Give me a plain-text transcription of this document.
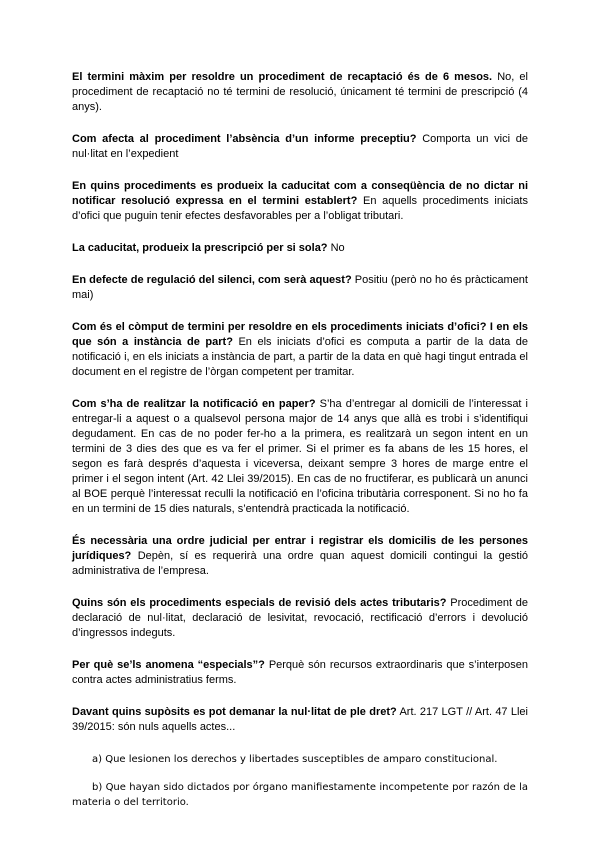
El termini màxim per resoldre un procediment de recaptació és de 6 mesos. No, el procediment de recaptació no té termini de resolució, únicament té termini de prescripció (4 anys).

Com afecta al procediment l’absència d’un informe preceptiu? Comporta un vici de nul·litat en l’expedient

En quins procediments es produeix la caducitat com a conseqüència de no dictar ni notificar resolució expressa en el termini establert? En aquells procediments iniciats d’ofici que puguin tenir efectes desfavorables per a l’obligat tributari.

La caducitat, produeix la prescripció per si sola? No

En defecte de regulació del silenci, com serà aquest? Positiu (però no ho és pràcticament mai)

Com és el còmput de termini per resoldre en els procediments iniciats d’ofici? I en els que són a instància de part? En els iniciats d’ofici es computa a partir de la data de notificació i, en els iniciats a instància de part, a partir de la data en què hagi tingut entrada el document en el registre de l’òrgan competent per tramitar.

Com s’ha de realitzar la notificació en paper? S’ha d’entregar al domicili de l’interessat i entregar-li a aquest o a qualsevol persona major de 14 anys que allà es trobi i s’identifiqui degudament. En cas de no poder fer-ho a la primera, es realitzarà un segon intent en un termini de 3 dies des que es va fer el primer. Si el primer es fa abans de les 15 hores, el segon es farà després d’aquesta i viceversa, deixant sempre 3 hores de marge entre el primer i el segon intent (Art. 42 Llei 39/2015). En cas de no fructiferar, es publicarà un anunci al BOE perquè l’interessat reculli la notificació en l’oficina tributària corresponent. Si no ho fa en un termini de 15 dies naturals, s’entendrà practicada la notificació.

És necessària una ordre judicial per entrar i registrar els domicilis de les persones jurídiques? Depèn, sí es requerirà una ordre quan aquest domicili contingui la gestió administrativa de l’empresa.

Quins són els procediments especials de revisió dels actes tributaris? Procediment de declaració de nul·litat, declaració de lesivitat, revocació, rectificació d’errors i devolució d’ingressos indeguts.

Per què se’ls anomena “especials”? Perquè són recursos extraordinaris que s’interposen contra actes administratius ferms.

Davant quins supòsits es pot demanar la nul·litat de ple dret? Art. 217 LGT // Art. 47 Llei 39/2015: són nuls aquells actes...

a) Que lesionen los derechos y libertades susceptibles de amparo constitucional.

b) Que hayan sido dictados por órgano manifiestamente incompetente por razón de la materia o del territorio.
